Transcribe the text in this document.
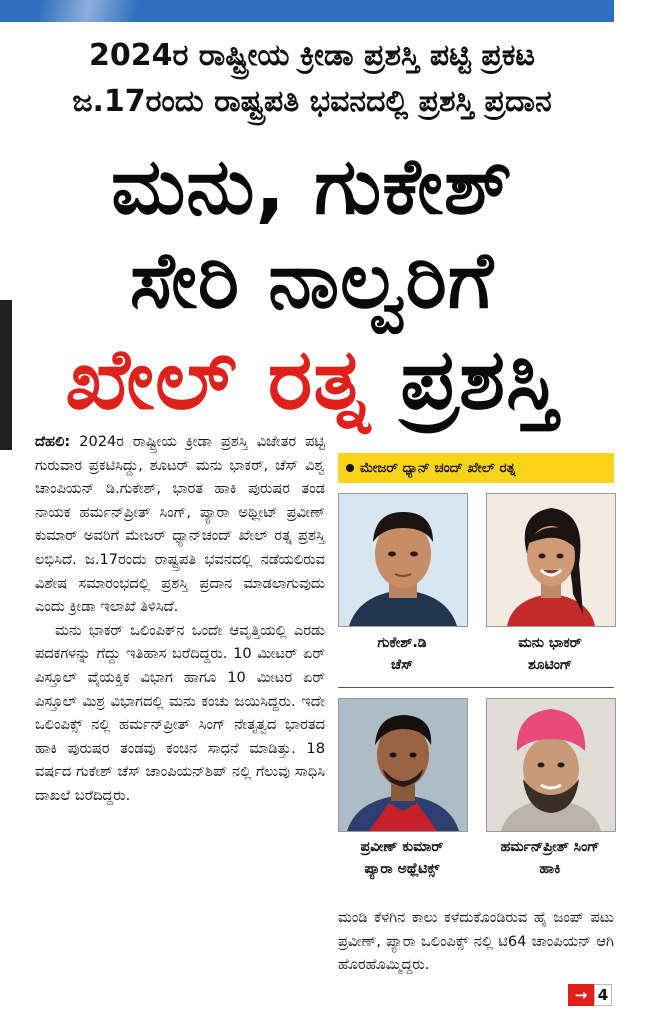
2024ರ ರಾಷ್ಟ್ರೀಯ ಕ್ರೀಡಾ ಪ್ರಶಸ್ತಿ ಪಟ್ಟಿ ಪ್ರಕಟ
ಜ.17ರಂದು ರಾಷ್ಟ್ರಪತಿ ಭವನದಲ್ಲಿ ಪ್ರಶಸ್ತಿ ಪ್ರದಾನ
ಮನು, ಗುಕೇಶ್
ಸೇರಿ ನಾಲ್ವರಿಗೆ
ಖೇಲ್ ರತ್ನ ಪ್ರಶಸ್ತಿ

ದೆಹಲಿ: 2024ರ ರಾಷ್ಟ್ರೀಯ ಕ್ರೀಡಾ ಪ್ರಶಸ್ತಿ ವಿಜೇತರ ಪಟ್ಟಿ ಗುರುವಾರ ಪ್ರಕಟಿಸಿದ್ದು, ಶೂಟರ್ ಮನು ಭಾಕರ್, ಚೆಸ್ ವಿಶ್ವ ಚಾಂಪಿಯನ್ ಡಿ.ಗುಕೇಶ್, ಭಾರತ ಹಾಕಿ ಪುರುಷರ ತಂಡ ನಾಯಕ ಹರ್ಮನ್‌ಪ್ರೀತ್ ಸಿಂಗ್, ಪ್ಯಾರಾ ಅಥ್ಲೀಟ್ ಪ್ರವೀಣ್ ಕುಮಾರ್ ಅವರಿಗೆ ಮೇಜರ್ ಧ್ಯಾನ್‌ಚಂದ್ ಖೇಲ್ ರತ್ನ ಪ್ರಶಸ್ತಿ ಲಭಿಸಿದೆ. ಜ.17ರಂದು ರಾಷ್ಟ್ರಪತಿ ಭವನದಲ್ಲಿ ನಡೆಯಲಿರುವ ವಿಶೇಷ ಸಮಾರಂಭದಲ್ಲಿ ಪ್ರಶಸ್ತಿ ಪ್ರದಾನ ಮಾಡಲಾಗುವುದು ಎಂದು ಕ್ರೀಡಾ ಇಲಾಖೆ ತಿಳಿಸಿದೆ.

ಮನು ಭಾಕರ್ ಒಲಿಂಪಿಕ್‌ನ ಒಂದೇ ಆವೃತ್ತಿಯಲ್ಲಿ ಎರಡು ಪದಕಗಳನ್ನು ಗೆದ್ದು ಇತಿಹಾಸ ಬರೆದಿದ್ದರು. 10 ಮೀಟರ್ ಏರ್ ಪಿಸ್ತೂಲ್ ವೈಯಕ್ತಿಕ ವಿಭಾಗ ಹಾಗೂ 10 ಮೀಟರ ಏರ್ ಪಿಸ್ತೂಲ್ ಮಿಶ್ರ ವಿಭಾಗದಲ್ಲಿ ಮನು ಕಂಚು ಜಯಿಸಿದ್ದರು. ಇದೇ ಒಲಿಂಪಿಕ್ಸ್ ನಲ್ಲಿ ಹರ್ಮನ್‌ಪ್ರೀತ್ ಸಿಂಗ್ ನೇತೃತ್ವದ ಭಾರತದ ಹಾಕಿ ಪುರುಷರ ತಂಡವು ಕಂಚಿನ ಸಾಧನೆ ಮಾಡಿತ್ತು. 18 ವರ್ಷದ ಗುಕೇಶ್ ಚೆಸ್ ಚಾಂಪಿಯನ್‌ಶಿಪ್ ನಲ್ಲಿ ಗೆಲುವು ಸಾಧಿಸಿ ದಾಖಲೆ ಬರೆದಿದ್ದರು.

ಮೇಜರ್ ಧ್ಯಾನ್ ಚಂದ್ ಖೇಲ್ ರತ್ನ
ಗುಕೇಶ್.ಡಿ
ಚೆಸ್
ಮನು ಭಾಕರ್
ಶೂಟಿಂಗ್
ಪ್ರವೀಣ್ ಕುಮಾರ್
ಪ್ಯಾರಾ ಅಥ್ಲೆಟಿಕ್ಸ್
ಹರ್ಮನ್‌ಪ್ರೀತ್ ಸಿಂಗ್
ಹಾಕಿ
ಮಂಡಿ ಕೆಳಗಿನ ಕಾಲು ಕಳೆದುಕೊಂಡಿರುವ ಹೈ ಜಂಪ್ ಪಟು ಪ್ರವೀಣ್, ಪ್ಯಾರಾ ಒಲಿಂಪಿಕ್ಸ್ ನಲ್ಲಿ ಟಿ64 ಚಾಂಪಿಯನ್ ಆಗಿ ಹೊರಹೊಮ್ಮಿದ್ದರು.
→ 4
